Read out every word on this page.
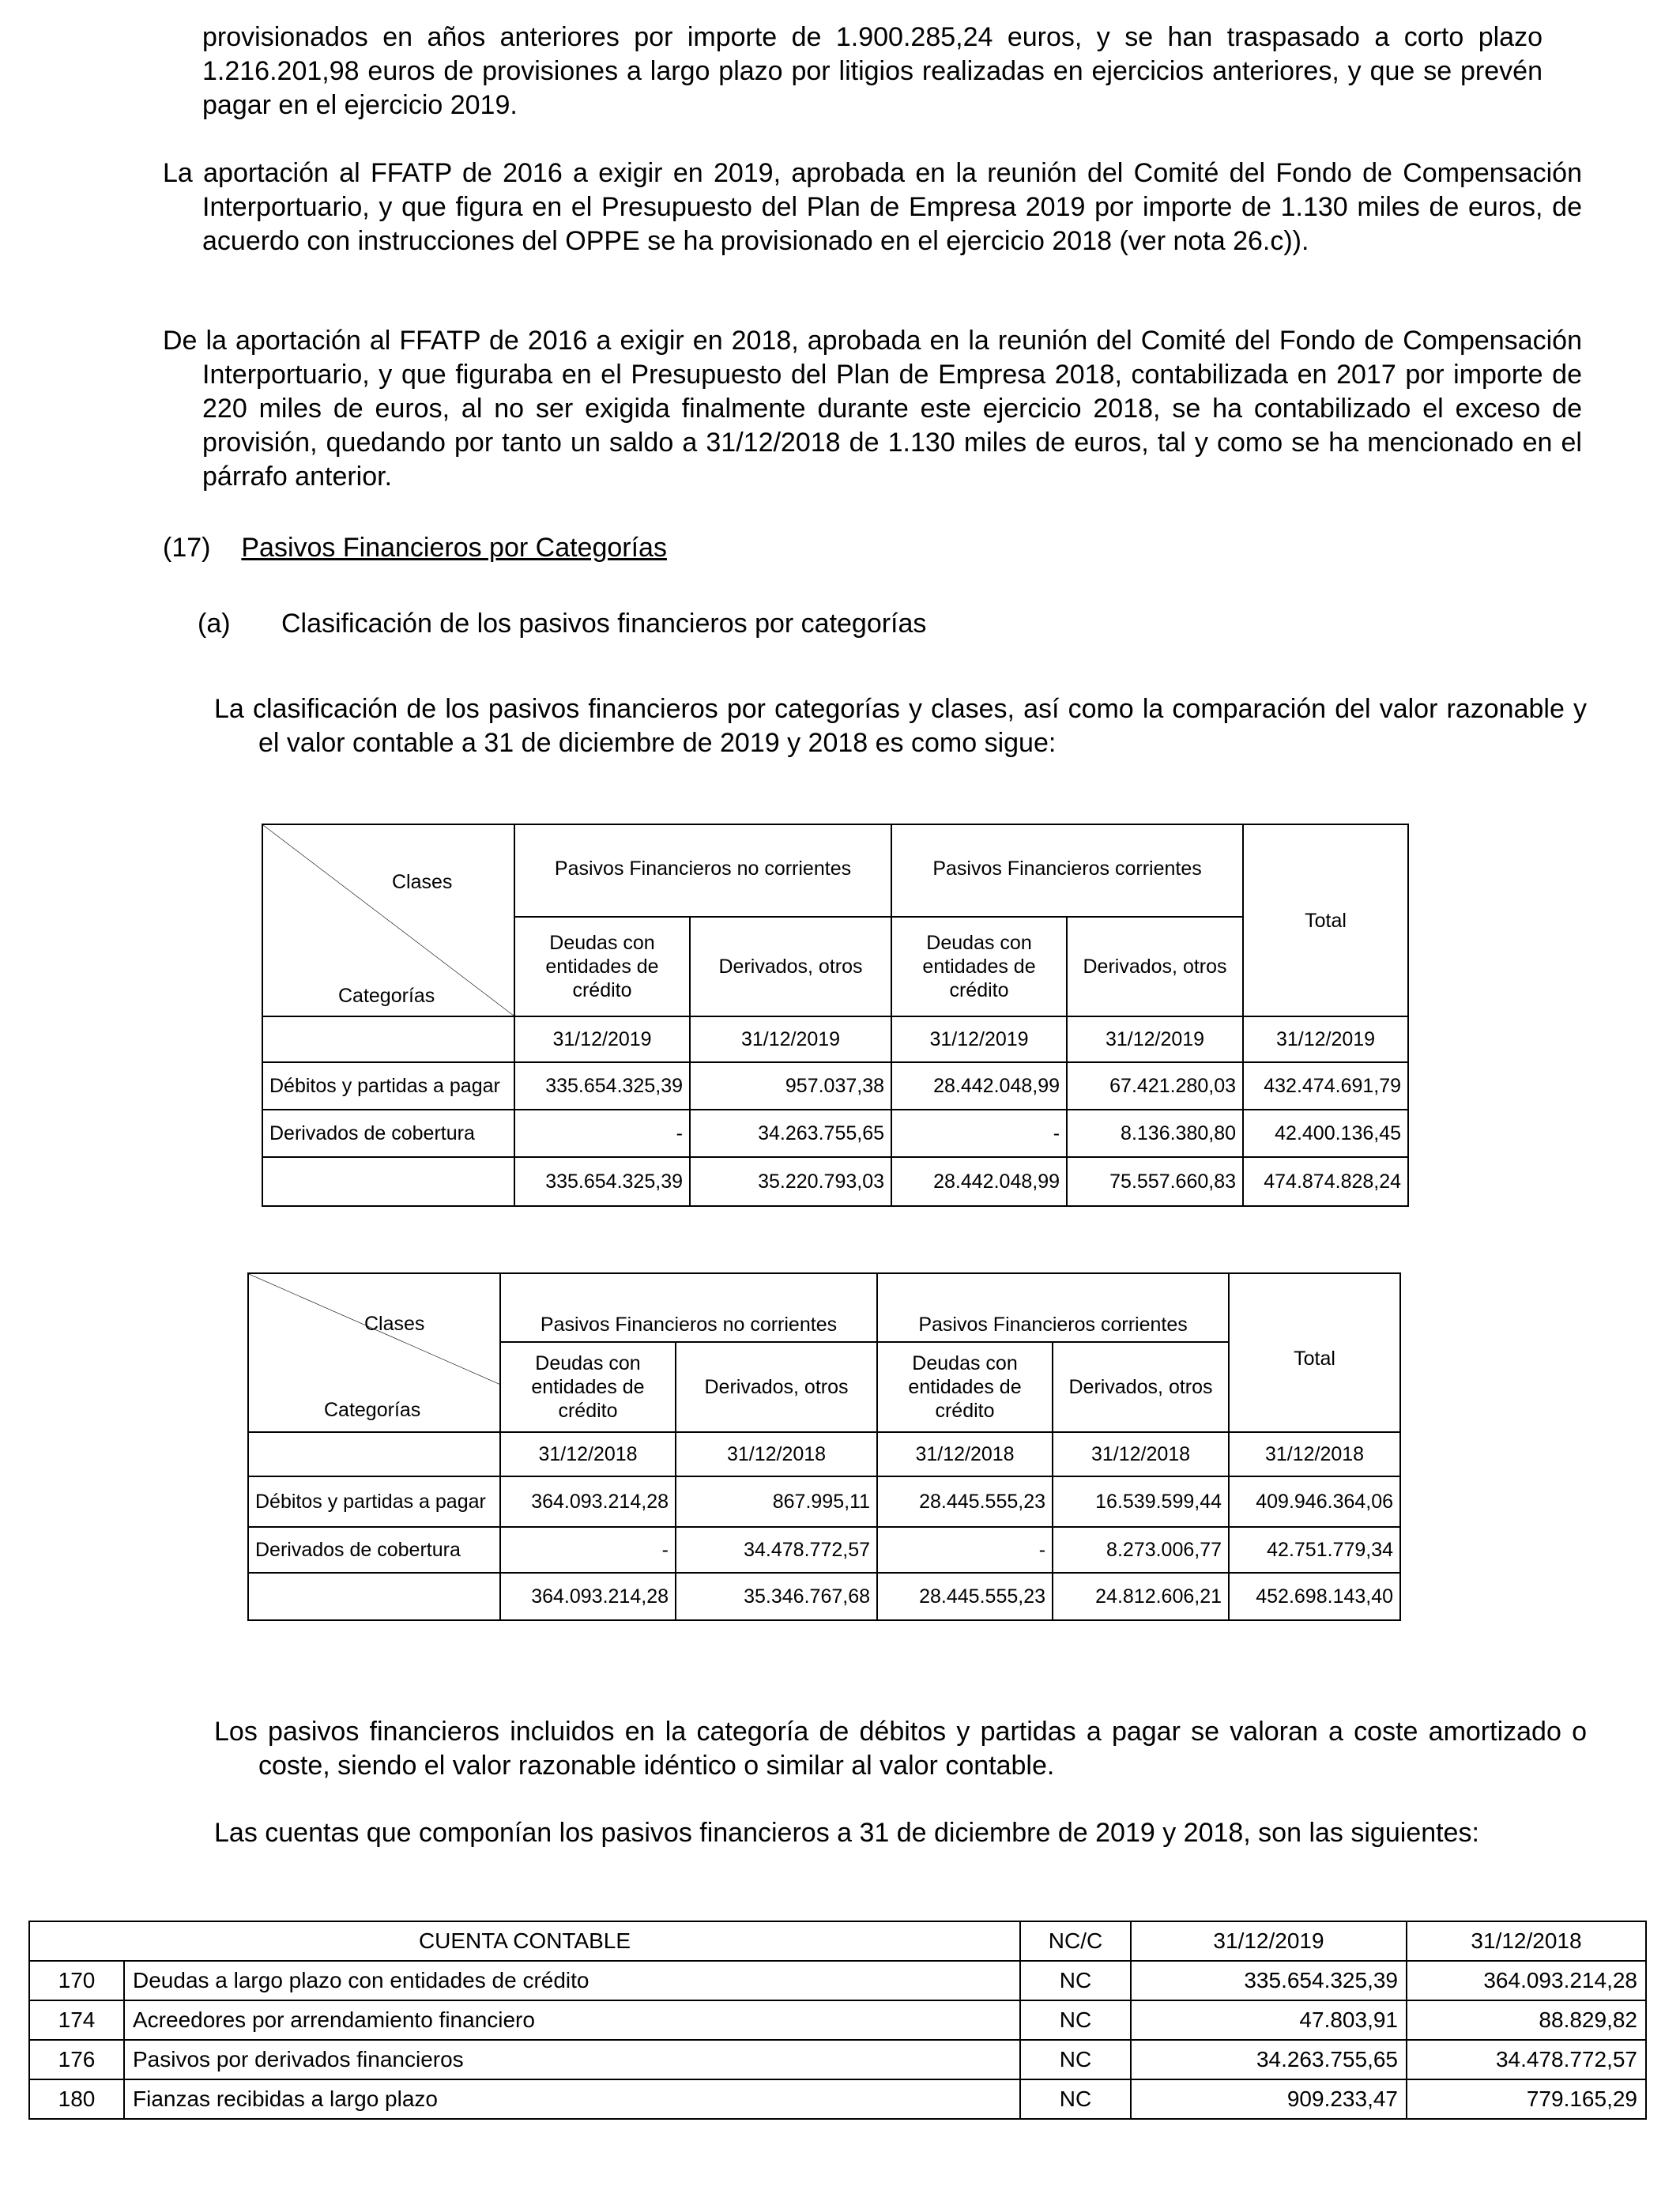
provisionados en años anteriores por importe de 1.900.285,24 euros, y se han traspasado a corto plazo 1.216.201,98 euros de provisiones a largo plazo por litigios realizadas en ejercicios anteriores, y que se prevén pagar en el ejercicio 2019.

La aportación al FFATP de 2016 a exigir en 2019, aprobada en la reunión del Comité del Fondo de Compensación Interportuario, y que figura en el Presupuesto del Plan de Empresa 2019 por importe de 1.130 miles de euros, de acuerdo con instrucciones del OPPE se ha provisionado en el ejercicio 2018 (ver nota 26.c)).

De la aportación al FFATP de 2016 a exigir en 2018, aprobada en la reunión del Comité del Fondo de Compensación Interportuario, y que figuraba en el Presupuesto del Plan de Empresa 2018, contabilizada en 2017 por importe de 220 miles de euros, al no ser exigida finalmente durante este ejercicio 2018, se ha contabilizado el exceso de provisión, quedando por tanto un saldo a 31/12/2018 de 1.130 miles de euros, tal y como se ha mencionado en el párrafo anterior.

(17) Pasivos Financieros por Categorías
(a) Clasificación de los pasivos financieros por categorías

La clasificación de los pasivos financieros por categorías y clases, así como la comparación del valor razonable y el valor contable a 31 de diciembre de 2019 y 2018 es como sigue:

Clases
Categorías	Pasivos Financieros no corrientes		Pasivos Financieros corrientes		Total
	Deudas con entidades de crédito	Derivados, otros	Deudas con entidades de crédito	Derivados, otros	
	31/12/2019	31/12/2019	31/12/2019	31/12/2019	31/12/2019
Débitos y partidas a pagar	335.654.325,39	957.037,38	28.442.048,99	67.421.280,03	432.474.691,79
Derivados de cobertura	-	34.263.755,65	-	8.136.380,80	42.400.136,45
	335.654.325,39	35.220.793,03	28.442.048,99	75.557.660,83	474.874.828,24
Clases
Categorías	Pasivos Financieros no corrientes		Pasivos Financieros corrientes		Total
	Deudas con entidades de crédito	Derivados, otros	Deudas con entidades de crédito	Derivados, otros	
	31/12/2018	31/12/2018	31/12/2018	31/12/2018	31/12/2018
Débitos y partidas a pagar	364.093.214,28	867.995,11	28.445.555,23	16.539.599,44	409.946.364,06
Derivados de cobertura	-	34.478.772,57	-	8.273.006,77	42.751.779,34
	364.093.214,28	35.346.767,68	28.445.555,23	24.812.606,21	452.698.143,40

Los pasivos financieros incluidos en la categoría de débitos y partidas a pagar se valoran a coste amortizado o coste, siendo el valor razonable idéntico o similar al valor contable.

Las cuentas que componían los pasivos financieros a 31 de diciembre de 2019 y 2018, son las siguientes:

CUENTA CONTABLE		NC/C	31/12/2019	31/12/2018
170	Deudas a largo plazo con entidades de crédito	NC	335.654.325,39	364.093.214,28
174	Acreedores por arrendamiento financiero	NC	47.803,91	88.829,82
176	Pasivos por derivados financieros	NC	34.263.755,65	34.478.772,57
180	Fianzas recibidas a largo plazo	NC	909.233,47	779.165,29
